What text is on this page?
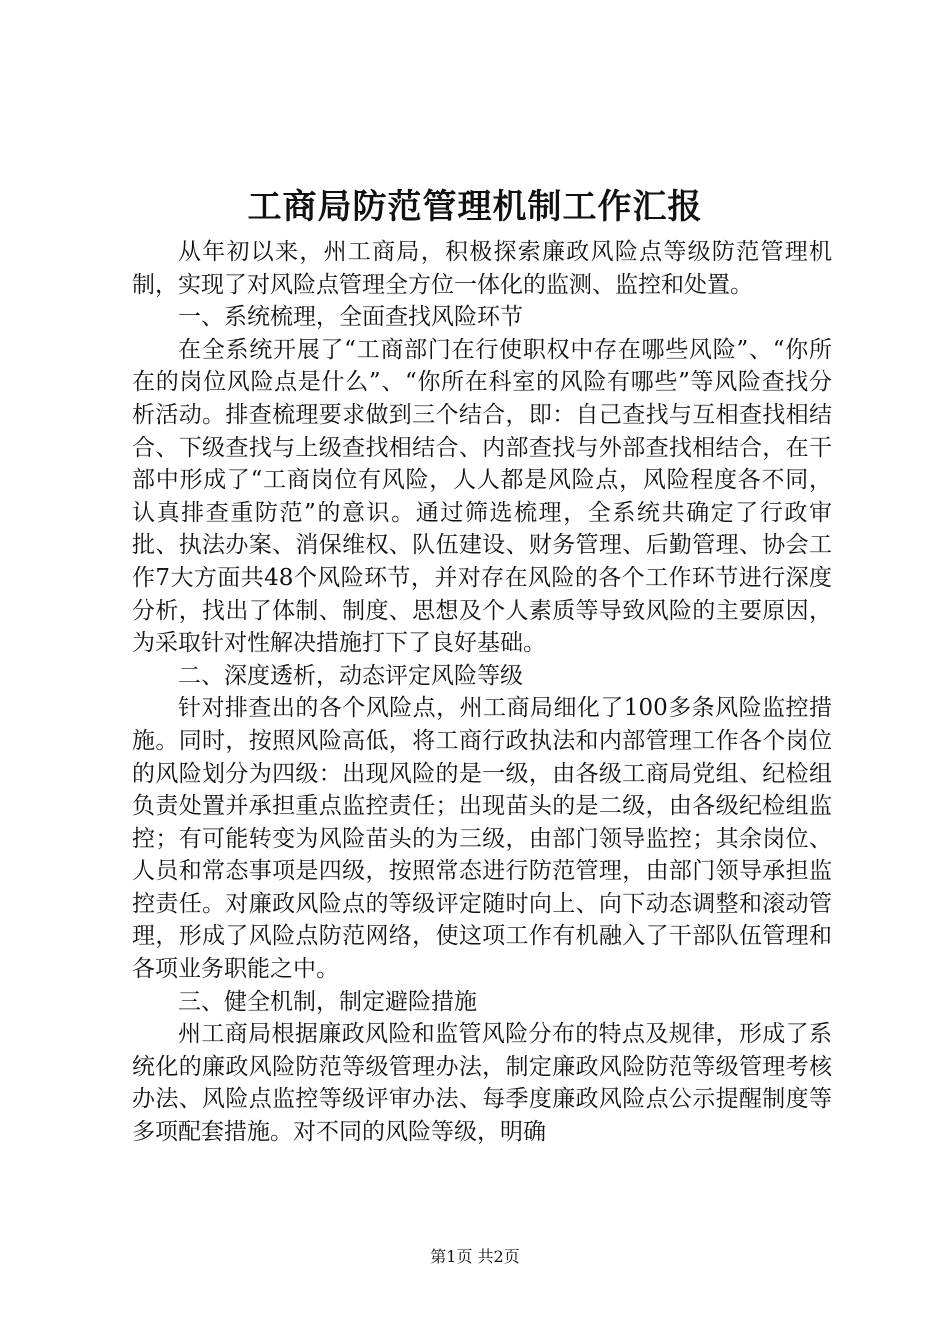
工商局防范管理机制工作汇报

从年初以来，州工商局，积极探索廉政风险点等级防范管理机制，实现了对风险点管理全方位一体化的监测、监控和处置。

一、系统梳理，全面查找风险环节

在全系统开展了“工商部门在行使职权中存在哪些风险”、“你所在的岗位风险点是什么”、“你所在科室的风险有哪些”等风险查找分析活动。排查梳理要求做到三个结合，即：自己查找与互相查找相结合、下级查找与上级查找相结合、内部查找与外部查找相结合，在干部中形成了“工商岗位有风险，人人都是风险点，风险程度各不同，认真排查重防范”的意识。通过筛选梳理，全系统共确定了行政审批、执法办案、消保维权、队伍建设、财务管理、后勤管理、协会工作7大方面共48个风险环节，并对存在风险的各个工作环节进行深度分析，找出了体制、制度、思想及个人素质等导致风险的主要原因，为采取针对性解决措施打下了良好基础。

二、深度透析，动态评定风险等级

针对排查出的各个风险点，州工商局细化了100多条风险监控措施。同时，按照风险高低，将工商行政执法和内部管理工作各个岗位的风险划分为四级：出现风险的是一级，由各级工商局党组、纪检组负责处置并承担重点监控责任；出现苗头的是二级，由各级纪检组监控；有可能转变为风险苗头的为三级，由部门领导监控；其余岗位、人员和常态事项是四级，按照常态进行防范管理，由部门领导承担监控责任。对廉政风险点的等级评定随时向上、向下动态调整和滚动管理，形成了风险点防范网络，使这项工作有机融入了干部队伍管理和各项业务职能之中。

三、健全机制，制定避险措施

州工商局根据廉政风险和监管风险分布的特点及规律，形成了系统化的廉政风险防范等级管理办法，制定廉政风险防范等级管理考核办法、风险点监控等级评审办法、每季度廉政风险点公示提醒制度等多项配套措施。对不同的风险等级，明确

第1页 共2页
